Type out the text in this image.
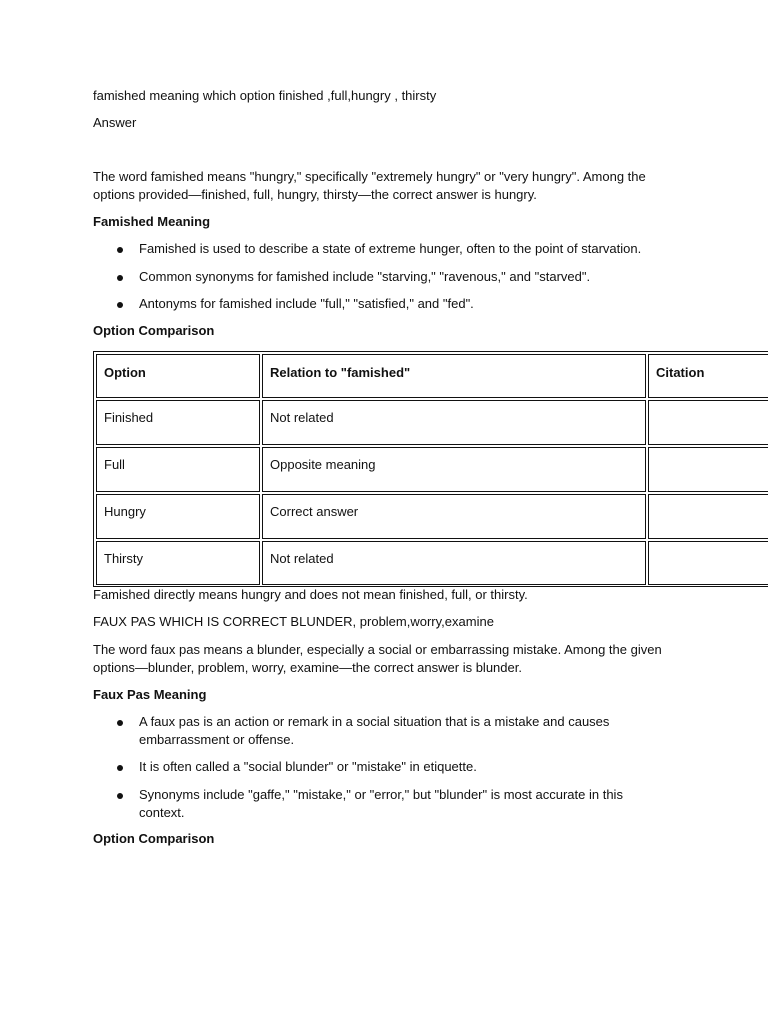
famished meaning which option finished ,full,hungry , thirsty

Answer

The word famished means "hungry," specifically "extremely hungry" or "very hungry". Among the options provided—finished, full, hungry, thirsty—the correct answer is hungry.

Famished Meaning

Famished is used to describe a state of extreme hunger, often to the point of starvation.

Common synonyms for famished include "starving," "ravenous," and "starved".

Antonyms for famished include "full," "satisfied," and "fed".

Option Comparison

Option	Relation to "famished"	Citation
Finished	Not related
Full	Opposite meaning
Hungry	Correct answer
Thirsty	Not related

Famished directly means hungry and does not mean finished, full, or thirsty.

FAUX PAS WHICH IS CORRECT BLUNDER, problem,worry,examine

The word faux pas means a blunder, especially a social or embarrassing mistake. Among the given options—blunder, problem, worry, examine—the correct answer is blunder.

Faux Pas Meaning

A faux pas is an action or remark in a social situation that is a mistake and causes embarrassment or offense.

It is often called a "social blunder" or "mistake" in etiquette.

Synonyms include "gaffe," "mistake," or "error," but "blunder" is most accurate in this context.

Option Comparison
